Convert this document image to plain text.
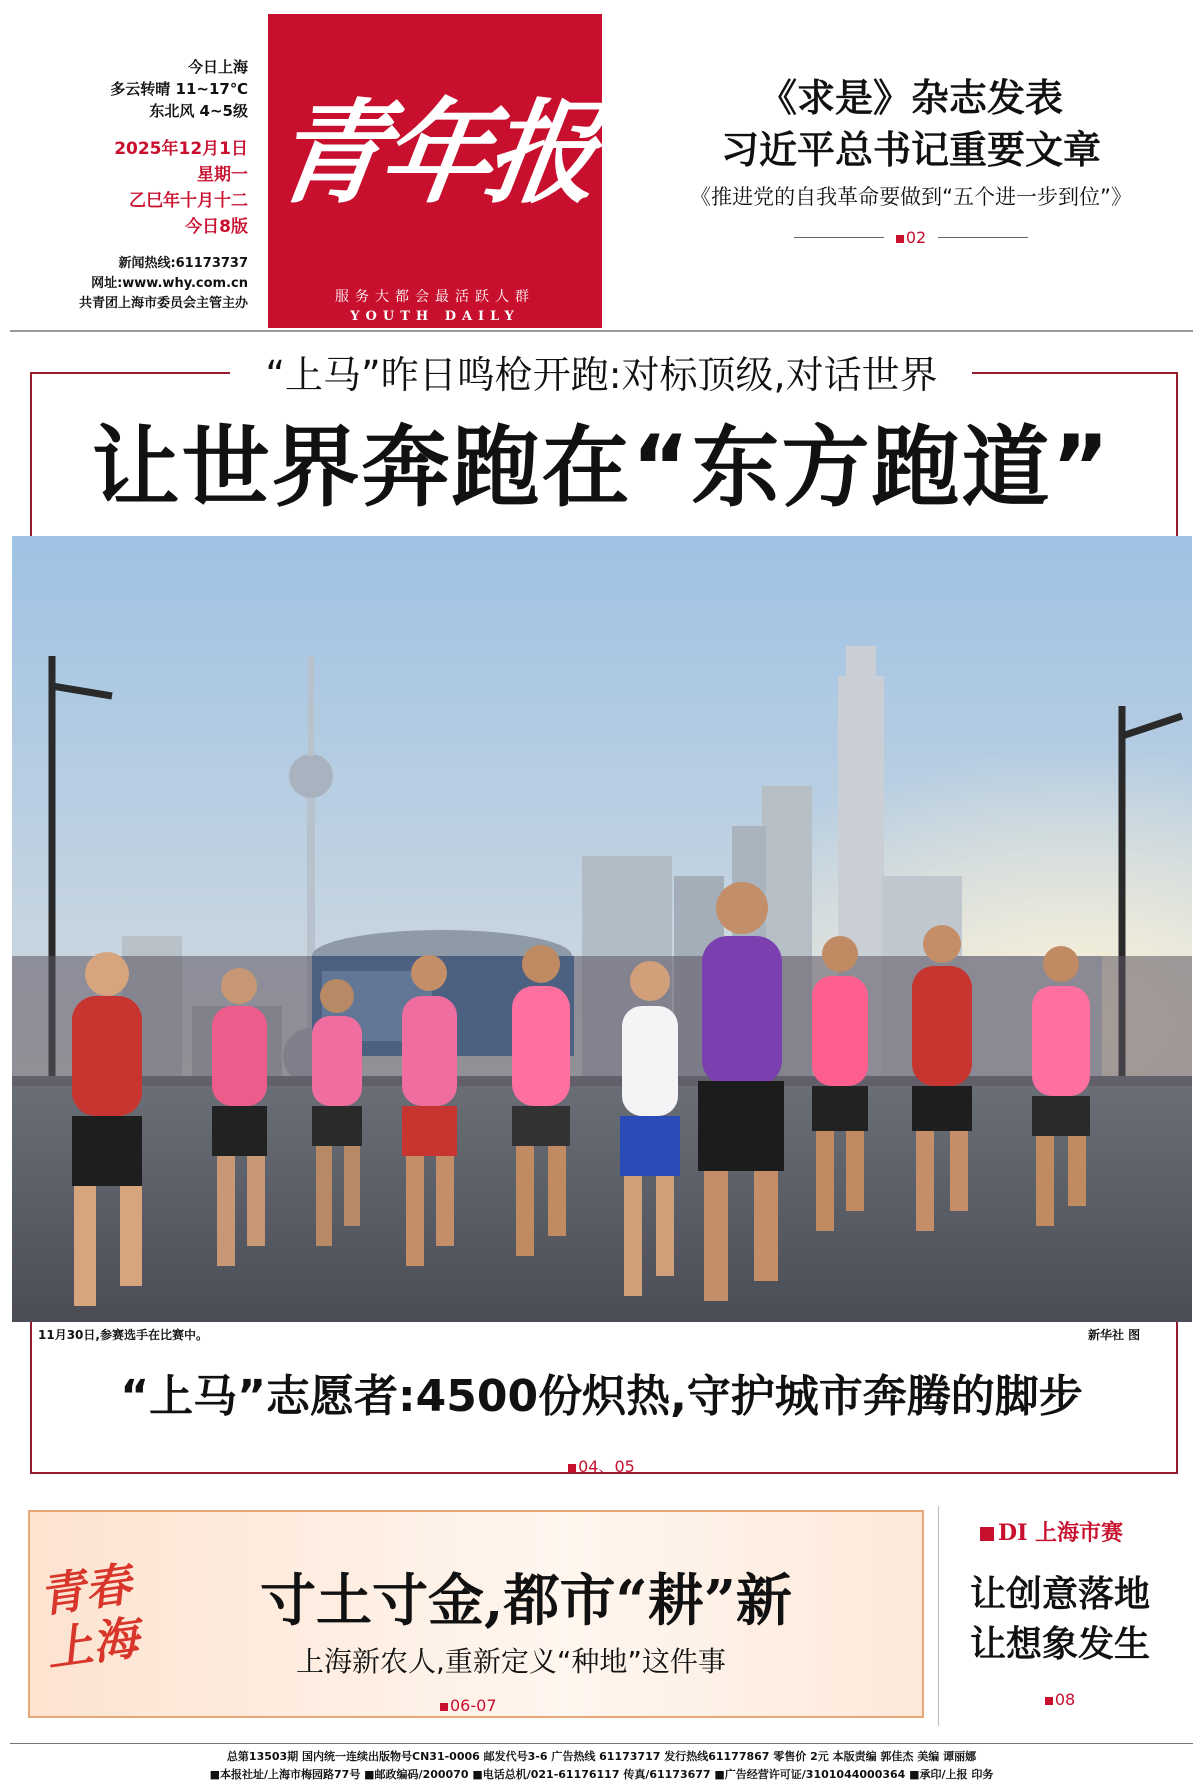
今日上海
多云转晴 11~17℃
东北风 4~5级
2025年12月1日
星期一
乙巳年十月十二
今日8版
新闻热线:61173737
网址:www.why.com.cn
共青团上海市委员会主管主办
青年报
服务大都会最活跃人群
YOUTH DAILY
《求是》杂志发表
习近平总书记重要文章
《推进党的自我革命要做到“五个进一步到位”》
02
“上马”昨日鸣枪开跑:对标顶级,对话世界
让世界奔跑在“东方跑道”
11月30日,参赛选手在比赛中。	新华社 图
“上马”志愿者:4500份炽热,守护城市奔腾的脚步
04、05
青春
上海
寸土寸金,都市“耕”新
上海新农人,重新定义“种地”这件事
06-07
DI 上海市赛
让创意落地
让想象发生
08
总第13503期 国内统一连续出版物号CN31-0006 邮发代号3-6 广告热线 61173717 发行热线61177867 零售价 2元 本版责编 郭佳杰 美编 谭丽娜
■本报社址/上海市梅园路77号 ■邮政编码/200070 ■电话总机/021-61176117 传真/61173677 ■广告经营许可证/3101044000364 ■承印/上报 印务
